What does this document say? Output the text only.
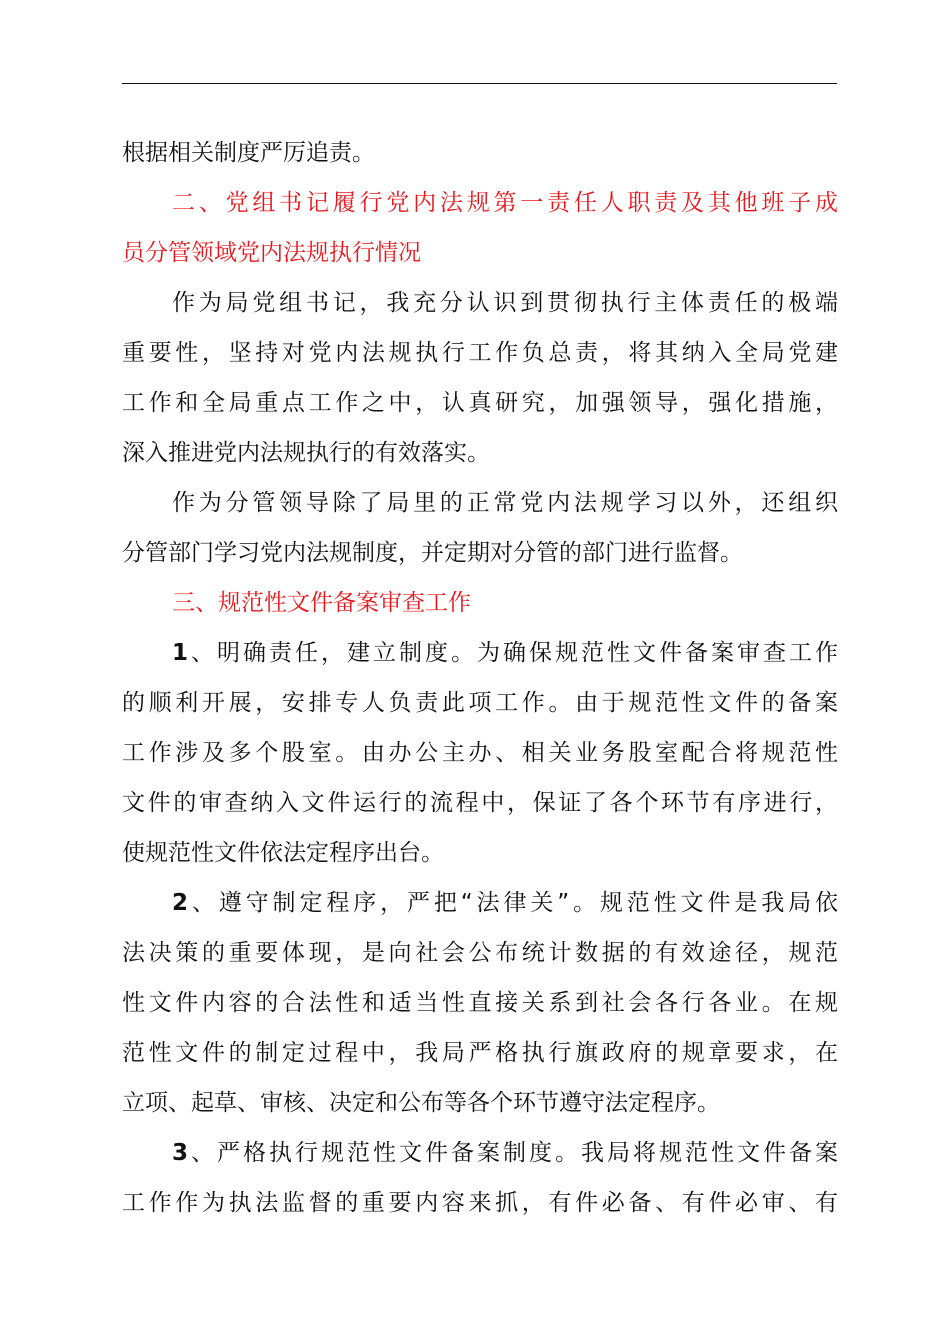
根据相关制度严厉追责。
二、党组书记履行党内法规第一责任人职责及其他班子成
员分管领域党内法规执行情况
作为局党组书记，我充分认识到贯彻执行主体责任的极端
重要性，坚持对党内法规执行工作负总责，将其纳入全局党建
工作和全局重点工作之中，认真研究，加强领导，强化措施，
深入推进党内法规执行的有效落实。
作为分管领导除了局里的正常党内法规学习以外，还组织
分管部门学习党内法规制度，并定期对分管的部门进行监督。
三、规范性文件备案审查工作
1、明确责任，建立制度。为确保规范性文件备案审查工作
的顺利开展，安排专人负责此项工作。由于规范性文件的备案
工作涉及多个股室。由办公主办、相关业务股室配合将规范性
文件的审查纳入文件运行的流程中，保证了各个环节有序进行，
使规范性文件依法定程序出台。
2、遵守制定程序，严把“法律关”。规范性文件是我局依
法决策的重要体现，是向社会公布统计数据的有效途径，规范
性文件内容的合法性和适当性直接关系到社会各行各业。在规
范性文件的制定过程中，我局严格执行旗政府的规章要求，在
立项、起草、审核、决定和公布等各个环节遵守法定程序。
3、严格执行规范性文件备案制度。我局将规范性文件备案
工作作为执法监督的重要内容来抓，有件必备、有件必审、有
